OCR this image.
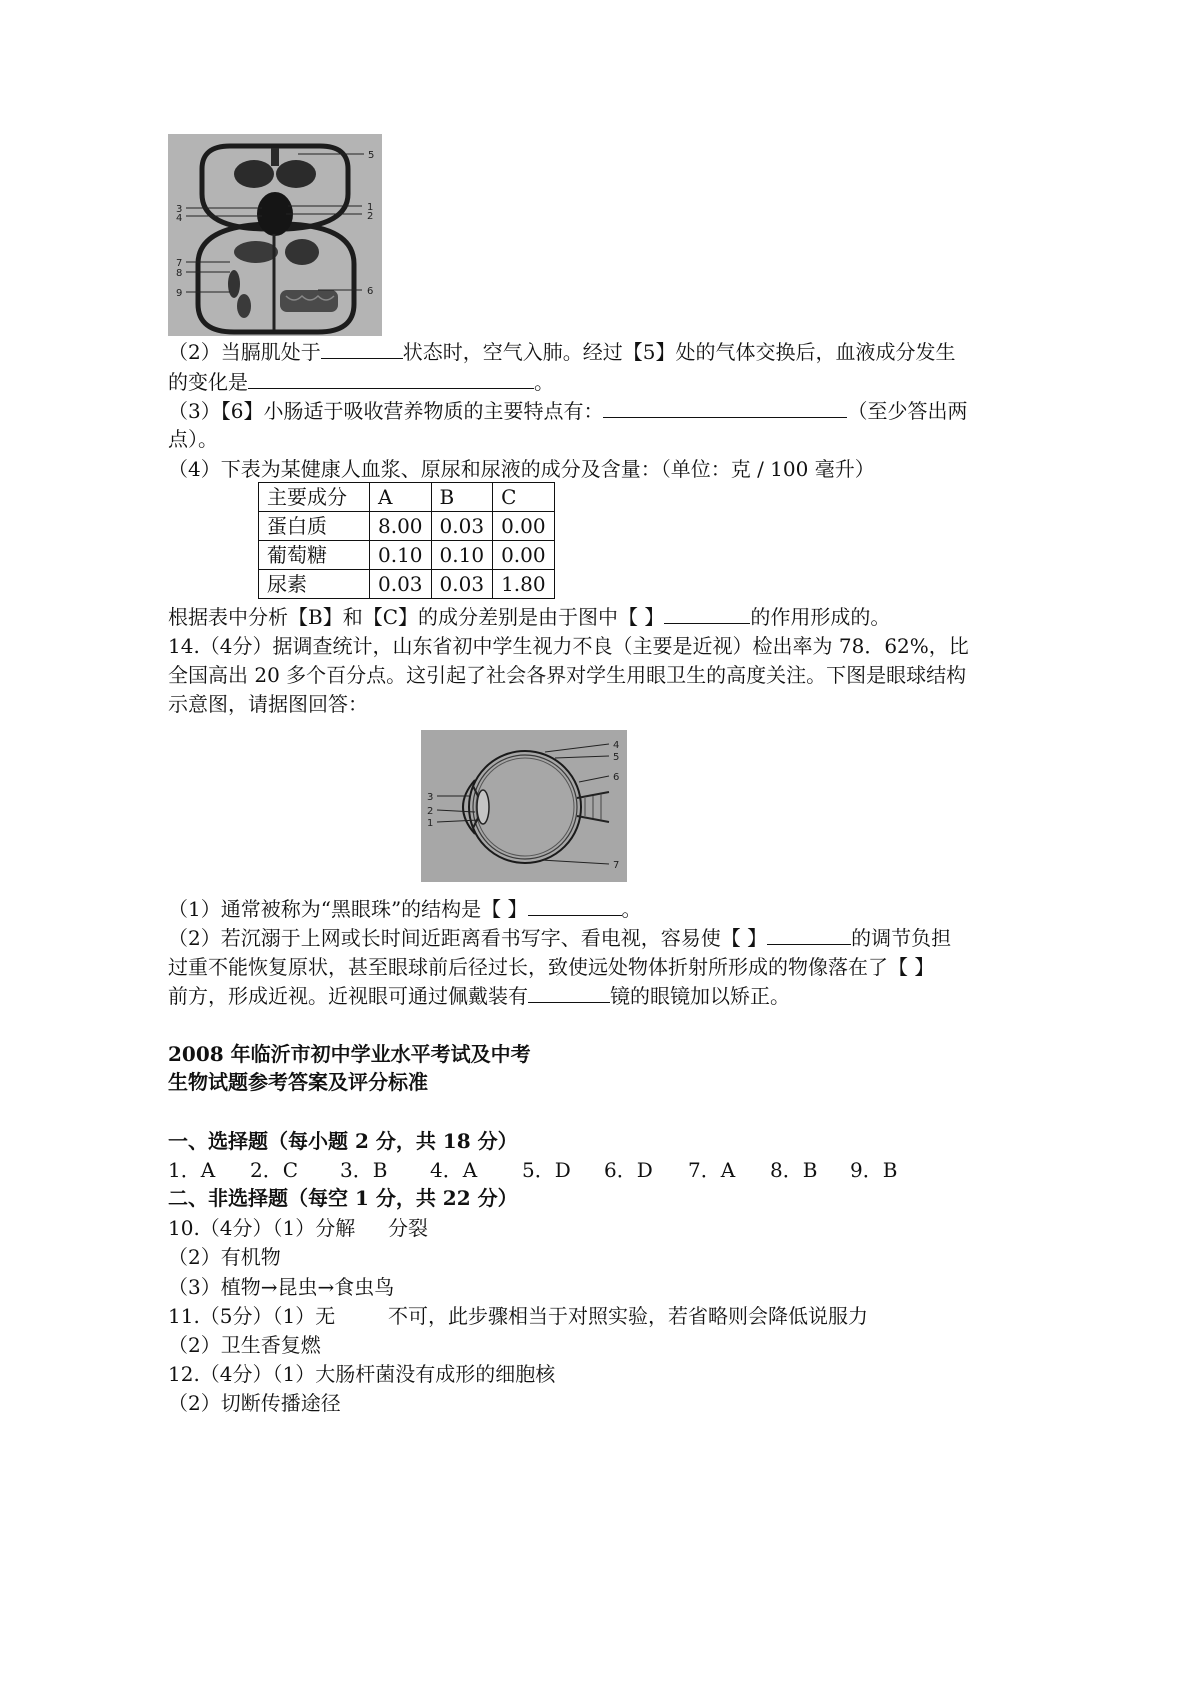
5
1
2
3
4
7
8
9	6
（2）当膈肌处于	状态时，空气入肺。经过【5】处的气体交换后，血液成分发生
的变化是	。
（3）【6】小肠适于吸收营养物质的主要特点有：	（至少答出两
点）。
（4）下表为某健康人血浆、原尿和尿液的成分及含量：（单位：克 / 100 毫升）
主要成分	A	B	C
蛋白质	8.00	0.03	0.00
葡萄糖	0.10	0.10	0.00
尿素	0.03	0.03	1.80
根据表中分析【B】和【C】的成分差别是由于图中【 】	的作用形成的。
14.（4分）据调查统计，山东省初中学生视力不良（主要是近视）检出率为 78．62%，比
全国高出 20 多个百分点。这引起了社会各界对学生用眼卫生的高度关注。下图是眼球结构
示意图，请据图回答：
4
5
6
7
3
2
1
（1）通常被称为“黑眼珠”的结构是【 】	。
（2）若沉溺于上网或长时间近距离看书写字、看电视，容易使【 】	的调节负担
过重不能恢复原状，甚至眼球前后径过长，致使远处物体折射所形成的物像落在了【 】
前方，形成近视。近视眼可通过佩戴装有	镜的眼镜加以矫正。
2008 年临沂市初中学业水平考试及中考
生物试题参考答案及评分标准
一、选择题（每小题 2 分，共 18 分）
1．A 2．C 3．B 4．A 5．D 6．D 7．A 8．B 9．B
二、非选择题（每空 1 分，共 22 分）
10.（4分）（1）分解 分裂
（2）有机物
（3）植物→昆虫→食虫鸟
11.（5分）（1）无	不可，此步骤相当于对照实验，若省略则会降低说服力
（2）卫生香复燃
12.（4分）（1）大肠杆菌没有成形的细胞核
（2）切断传播途径
